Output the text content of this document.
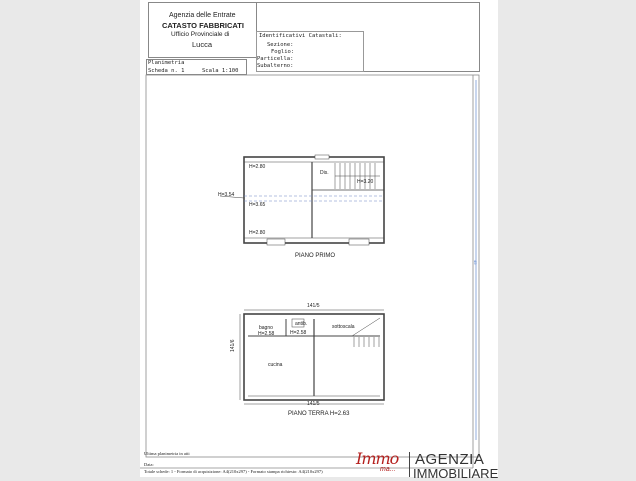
Agenzia delle Entrate
CATASTO FABBRICATI
Ufficio Provinciale di
Lucca
Identificativi Catastali:
Sezione:
Foglio:
Particella:
Subalterno:
Planimetria
Scheda n. 1	Scala 1:100
H=3.54
H=2.80
H=3.65
H=2.80
Dis.
H=3.20
PIANO PRIMO
141/5
141/6
bagno
H=2.58
antib.
H=2.58
sottoscala
cucina
141/5
PIANO TERRA H=2.63
45
Ultima planimetria in atti
Data:
Totale schede: 1 - Formato di acquisizione: A4(210x297) - Formato stampa richiesto: A4(210x297)
Immo
ma...
AGENZIA
IMMOBILIARE
